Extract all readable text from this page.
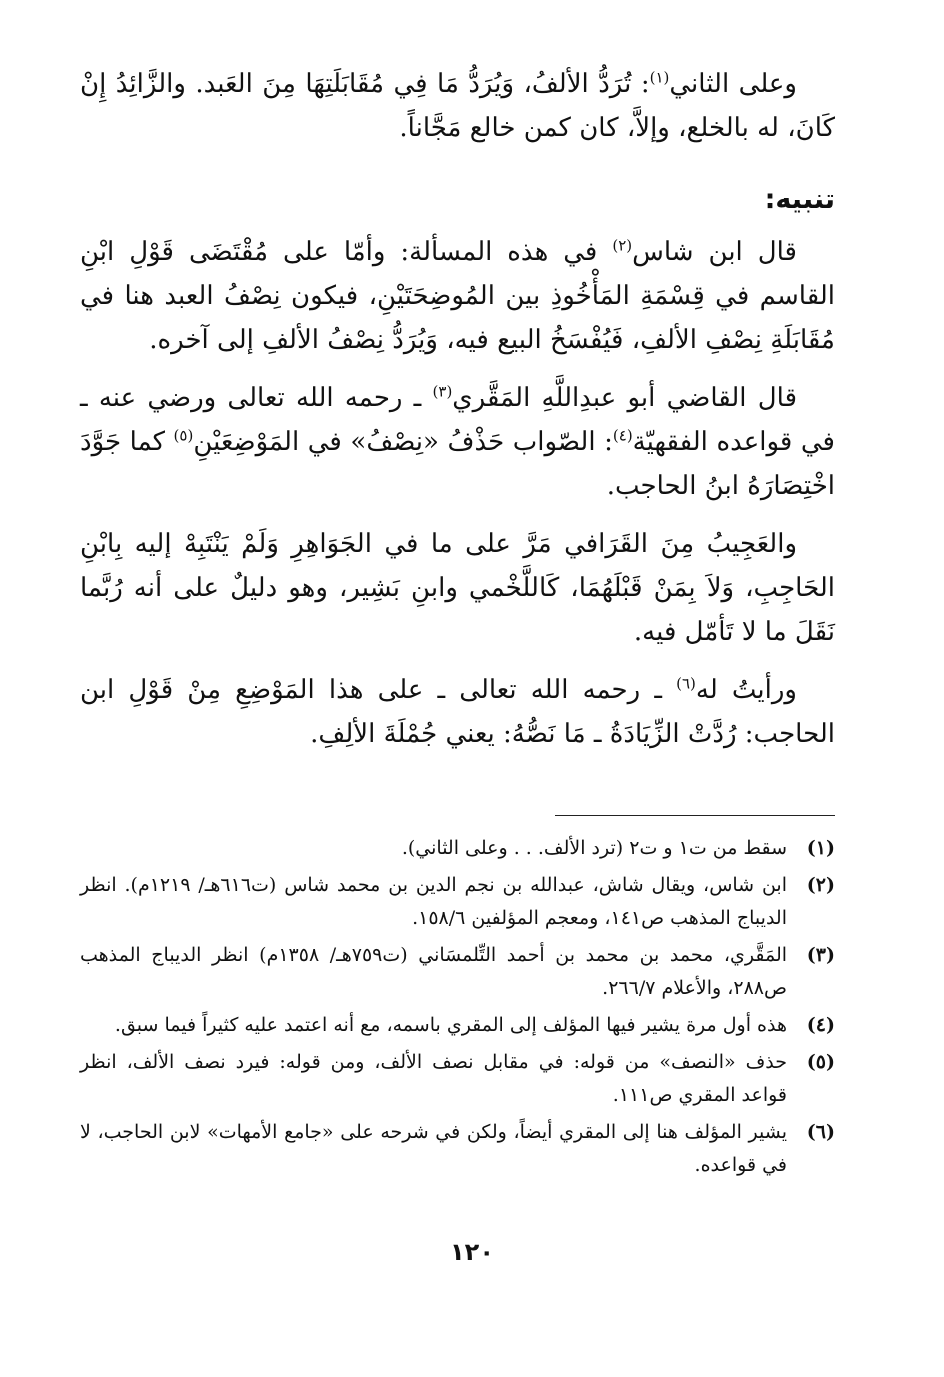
وعلى الثاني$^{(١)}$: تُرَدُّ الألفُ، وَيُرَدُّ مَا فِي مُقَابَلَتِهَا مِنَ العَبد. والزَّائِدُ إِنْ كَانَ، له بالخلع، وإلاَّ، كان كمن خالع مَجَّاناً.

تنبيه:

قال ابن شاس$^{(٢)}$ في هذه المسألة: وأمّا على مُقْتَضَى قَوْلِ ابْنِ القاسم في قِسْمَةِ المَأْخُوذِ بين المُوضِحَتَيْنِ، فيكون نِصْفُ العبد هنا في مُقَابَلَةِ نِصْفِ الألفِ، فَيُفْسَخُ البيع فيه، وَيُرَدُّ نِصْفُ الألفِ إلى آخره.

قال القاضي أبو عبدِاللَّهِ المَقَّري$^{(٣)}$ ـ رحمه الله تعالى ورضي عنه ـ في قواعده الفقهيّة$^{(٤)}$: الصّواب حَذْفُ «نِصْفُ» في المَوْضِعَيْنِ$^{(٥)}$ كما جَوَّدَ اخْتِصَارَهُ ابنُ الحاجب.

والعَجِيبُ مِنَ القَرَافي مَرَّ على ما في الجَوَاهِرِ وَلَمْ يَنْتَبِهْ إليه بِابْنِ الحَاجِبِ، وَلاَ بِمَنْ قَبْلَهُمَا، كَاللَّخْمي وابنِ بَشِير، وهو دليلٌ على أنه رُبَّما نَقَلَ ما لا تَأمّل فيه.

ورأيتُ له$^{(٦)}$ ـ رحمه الله تعالى ـ على هذا المَوْضِعِ مِنْ قَوْلِ ابن الحاجب: رُدَّتْ الزِّيَادَةُ ـ مَا نَصُّهُ: يعني جُمْلَةَ الألِفِ.

(١)
سقط من ت١ و ت٢ (ترد الألف. . . وعلى الثاني).
(٢)
ابن شاس، ويقال شاش، عبدالله بن نجم الدين بن محمد شاس (ت٦١٦هـ/ ١٢١٩م). انظر الديباج المذهب ص١٤١، ومعجم المؤلفين ١٥٨/٦.
(٣)
المَقَّري، محمد بن محمد بن أحمد التِّلمسَاني (ت٧٥٩هـ/ ١٣٥٨م) انظر الديباج المذهب ص٢٨٨، والأعلام ٢٦٦/٧.
(٤)
هذه أول مرة يشير فيها المؤلف إلى المقري باسمه، مع أنه اعتمد عليه كثيراً فيما سبق.
(٥)
حذف «النصف» من قوله: في مقابل نصف الألف، ومن قوله: فيرد نصف الألف، انظر قواعد المقري ص١١١.
(٦)
يشير المؤلف هنا إلى المقري أيضاً، ولكن في شرحه على «جامع الأمهات» لابن الحاجب، لا في قواعده.
١٢٠
